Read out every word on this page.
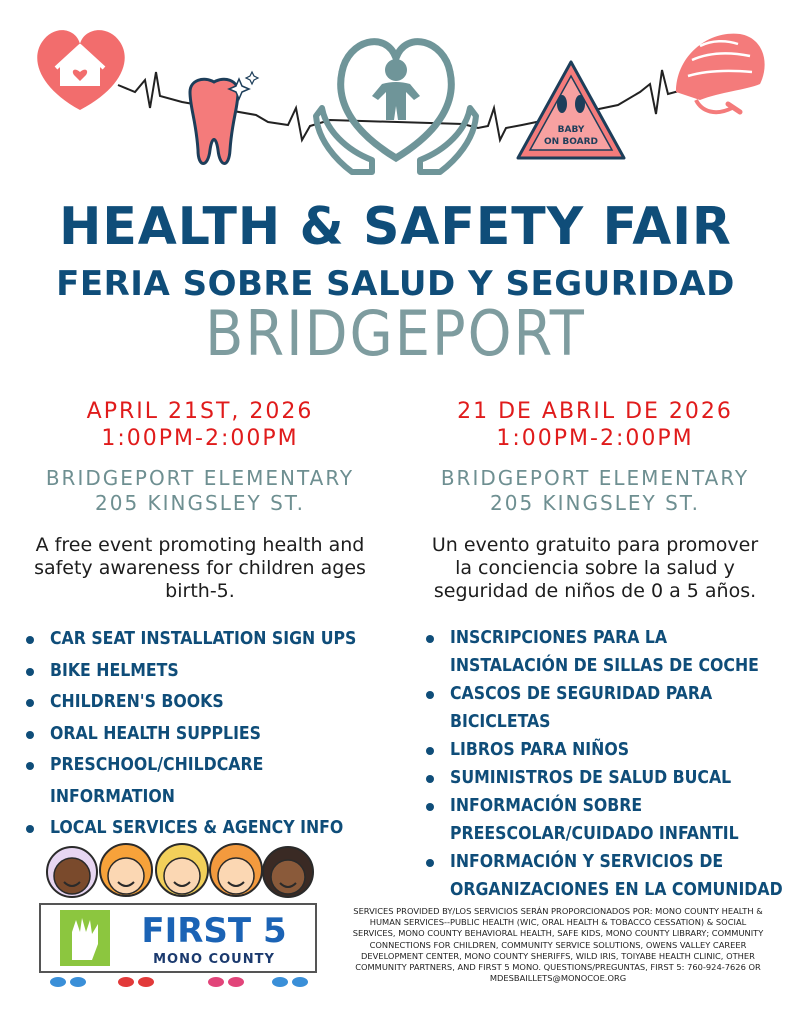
BABY
ON BOARD
HEALTH & SAFETY FAIR
FERIA SOBRE SALUD Y SEGURIDAD
BRIDGEPORT
APRIL 21ST, 2026
1:00PM-2:00PM
BRIDGEPORT ELEMENTARY
205 KINGSLEY ST.
A free event promoting health and safety awareness for children ages birth-5.
21 DE ABRIL DE 2026
1:00PM-2:00PM
BRIDGEPORT ELEMENTARY
205 KINGSLEY ST.
Un evento gratuito para promover la conciencia sobre la salud y seguridad de niños de 0 a 5 años.
CAR SEAT INSTALLATION SIGN UPS
BIKE HELMETS
CHILDREN'S BOOKS
ORAL HEALTH SUPPLIES
PRESCHOOL/CHILDCARE INFORMATION
LOCAL SERVICES & AGENCY INFO
INSCRIPCIONES PARA LA INSTALACIÓN DE SILLAS DE COCHE
CASCOS DE SEGURIDAD PARA BICICLETAS
LIBROS PARA NIÑOS
SUMINISTROS DE SALUD BUCAL
INFORMACIÓN SOBRE PREESCOLAR/CUIDADO INFANTIL
INFORMACIÓN Y SERVICIOS DE ORGANIZACIONES EN LA COMUNIDAD
FIRST 5
MONO COUNTY
SERVICES PROVIDED BY/LOS SERVICIOS SERÁN PROPORCIONADOS POR: MONO COUNTY HEALTH & HUMAN SERVICES--PUBLIC HEALTH (WIC, ORAL HEALTH & TOBACCO CESSATION) & SOCIAL SERVICES, MONO COUNTY BEHAVIORAL HEALTH, SAFE KIDS, MONO COUNTY LIBRARY; COMMUNITY CONNECTIONS FOR CHILDREN, COMMUNITY SERVICE SOLUTIONS, OWENS VALLEY CAREER DEVELOPMENT CENTER, MONO COUNTY SHERIFFS, WILD IRIS, TOIYABE HEALTH CLINIC, OTHER COMMUNITY PARTNERS, AND FIRST 5 MONO. QUESTIONS/PREGUNTAS, FIRST 5: 760-924-7626 OR MDESBAILLETS@MONOCOE.ORG
